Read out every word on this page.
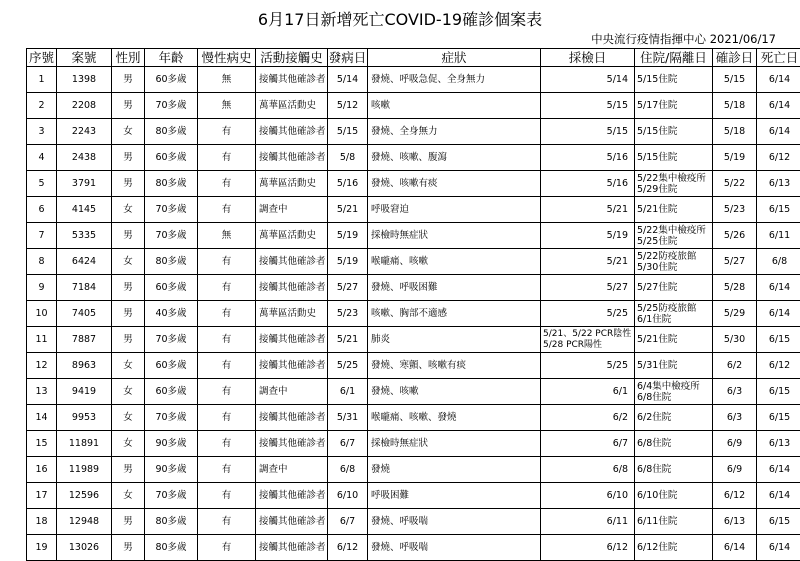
6月17日新增死亡COVID-19確診個案表
中央流行疫情指揮中心 2021/06/17
序號	案號	性別	年齡	慢性病史	活動接觸史	發病日	症狀	採檢日	住院/隔離日	確診日	死亡日
1	1398	男	60多歲	無	接觸其他確診者	5/14	發燒、呼吸急促、全身無力	5/14	5/15住院	5/15	6/14
2	2208	男	70多歲	無	萬華區活動史	5/12	咳嗽	5/15	5/17住院	5/18	6/14
3	2243	女	80多歲	有	接觸其他確診者	5/15	發燒、全身無力	5/15	5/15住院	5/18	6/14
4	2438	男	60多歲	有	接觸其他確診者	5/8	發燒、咳嗽、腹瀉	5/16	5/15住院	5/19	6/12
5	3791	男	80多歲	有	萬華區活動史	5/16	發燒、咳嗽有痰	5/16	5/22集中檢疫所
5/29住院	5/22	6/13
6	4145	女	70多歲	有	調查中	5/21	呼吸窘迫	5/21	5/21住院	5/23	6/15
7	5335	男	70多歲	無	萬華區活動史	5/19	採檢時無症狀	5/19	5/22集中檢疫所
5/25住院	5/26	6/11
8	6424	女	80多歲	有	接觸其他確診者	5/19	喉嚨痛、咳嗽	5/21	5/22防疫旅館
5/30住院	5/27	6/8
9	7184	男	60多歲	有	接觸其他確診者	5/27	發燒、呼吸困難	5/27	5/27住院	5/28	6/14
10	7405	男	40多歲	有	萬華區活動史	5/23	咳嗽、胸部不適感	5/25	5/25防疫旅館
6/1住院	5/29	6/14
11	7887	男	70多歲	有	接觸其他確診者	5/21	肺炎	5/21、5/22 PCR陰性
5/28 PCR陽性	5/21住院	5/30	6/15
12	8963	女	60多歲	有	接觸其他確診者	5/25	發燒、寒顫、咳嗽有痰	5/25	5/31住院	6/2	6/12
13	9419	女	60多歲	有	調查中	6/1	發燒、咳嗽	6/1	6/4集中檢疫所
6/8住院	6/3	6/15
14	9953	女	70多歲	有	接觸其他確診者	5/31	喉嚨痛、咳嗽、發燒	6/2	6/2住院	6/3	6/15
15	11891	女	90多歲	有	接觸其他確診者	6/7	採檢時無症狀	6/7	6/8住院	6/9	6/13
16	11989	男	90多歲	有	調查中	6/8	發燒	6/8	6/8住院	6/9	6/14
17	12596	女	70多歲	有	接觸其他確診者	6/10	呼吸困難	6/10	6/10住院	6/12	6/14
18	12948	男	80多歲	有	接觸其他確診者	6/7	發燒、呼吸喘	6/11	6/11住院	6/13	6/15
19	13026	男	80多歲	有	接觸其他確診者	6/12	發燒、呼吸喘	6/12	6/12住院	6/14	6/14
